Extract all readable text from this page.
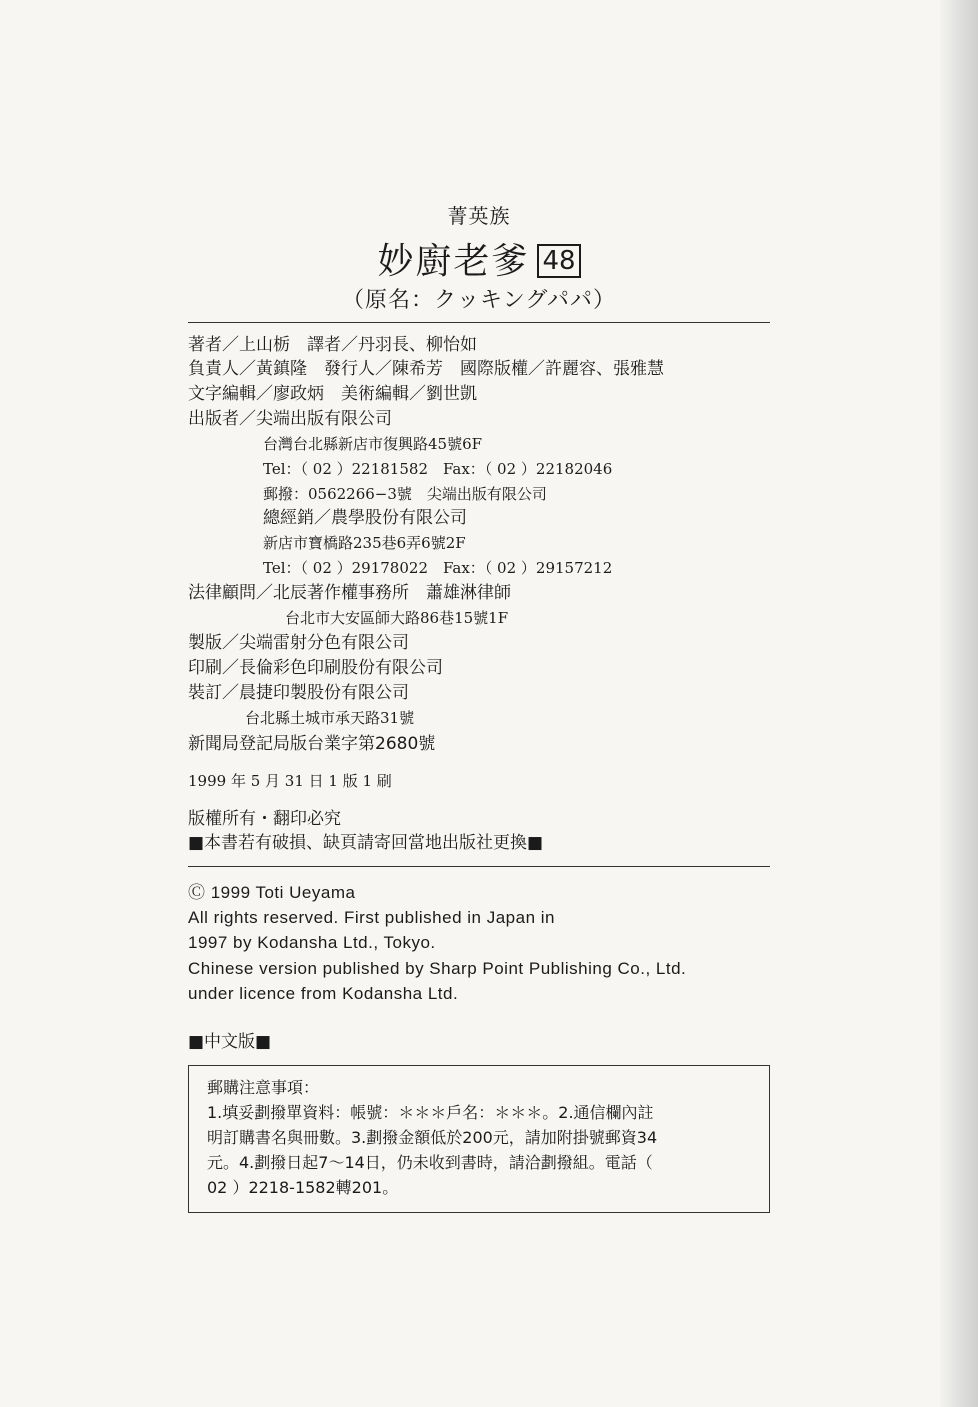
菁英族
妙廚老爹 48
（原名：クッキングパパ）
著者／上山栃　譯者／丹羽長、柳怡如
負責人／黃鎮隆　發行人／陳希芳　國際版權／許麗容、張雅慧
文字編輯／廖政炳　美術編輯／劉世凱
出版者／尖端出版有限公司
台灣台北縣新店市復興路45號6F
Tel：（ 02 ）22181582　Fax：（ 02 ）22182046
郵撥：0562266−3號　尖端出版有限公司
總經銷／農學股份有限公司
新店市寶橋路235巷6弄6號2F
Tel：（ 02 ）29178022　Fax：（ 02 ）29157212
法律顧問／北辰著作權事務所　蕭雄淋律師
台北市大安區師大路86巷15號1F
製版／尖端雷射分色有限公司
印刷／長倫彩色印刷股份有限公司
裝訂／晨捷印製股份有限公司
台北縣土城市承天路31號
新聞局登記局版台業字第2680號
1999 年 5 月 31 日 1 版 1 刷
版權所有・翻印必究
■本書若有破損、缺頁請寄回當地出版社更換■
Ⓒ 1999 Toti Ueyama
All rights reserved. First published in Japan in
1997 by Kodansha Ltd., Tokyo.
Chinese version published by Sharp Point Publishing Co., Ltd.
under licence from Kodansha Ltd.
■中文版■

郵購注意事項：

1.填妥劃撥單資料：帳號：＊＊＊戶名：＊＊＊。2.通信欄內註

明訂購書名與冊數。3.劃撥金額低於200元，請加附掛號郵資34

元。4.劃撥日起7～14日，仍未收到書時，請洽劃撥組。電話（

02 ）2218-1582轉201。
